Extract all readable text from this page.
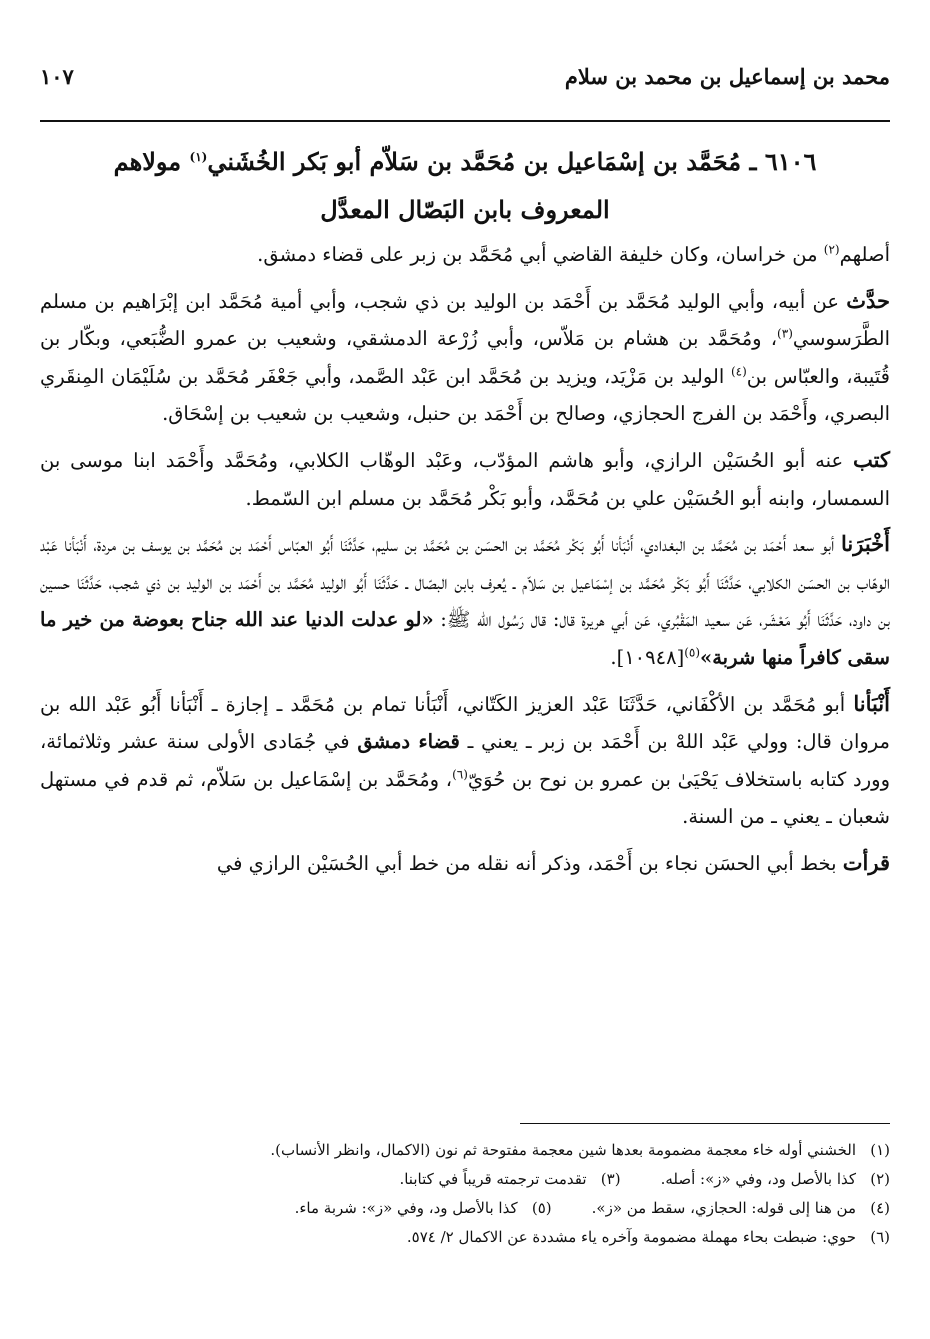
محمد بن إسماعيل بن محمد بن سلام
١٠٧
٦١٠٦ ـ مُحَمَّد بن إسْمَاعيل بن مُحَمَّد بن سَلاّم أبو بَكر الخُشَني$^{(١)}$ مولاهم
المعروف بابن البَصّال المعدَّل

أصلهم$^{(٢)}$ من خراسان، وكان خليفة القاضي أبي مُحَمَّد بن زبر على قضاء دمشق.

حدَّث عن أبيه، وأبي الوليد مُحَمَّد بن أَحْمَد بن الوليد بن ذي شجب، وأبي أمية مُحَمَّد ابن إبْرَاهيم بن مسلم الطَّرَسوسي$^{(٣)}$، ومُحَمَّد بن هشام بن مَلاّس، وأبي زُرْعة الدمشقي، وشعيب بن عمرو الضُّبَعي، وبكّار بن قُتَيبة، والعبّاس بن$^{(٤)}$ الوليد بن مَزْيَد، ويزيد بن مُحَمَّد ابن عَبْد الصَّمد، وأبي جَعْفَر مُحَمَّد بن سُلَيْمَان المِنقَري البصري، وأَحْمَد بن الفرج الحجازي، وصالح بن أَحْمَد بن حنبل، وشعيب بن شعيب بن إسْحَاق.

كتب عنه أبو الحُسَيْن الرازي، وأبو هاشم المؤدّب، وعَبْد الوهّاب الكلابي، ومُحَمَّد وأَحْمَد ابنا موسى بن السمسار، وابنه أبو الحُسَيْن علي بن مُحَمَّد، وأبو بَكْر مُحَمَّد بن مسلم ابن السّمط.

أَخْبَرَنا أبو سعد أَحْمَد بن مُحَمَّد بن البغدادي، أَنْبَأنا أَبُو بَكْر مُحَمَّد بن الحسَن بن مُحَمَّد بن سليم، حَدَّثَنَا أَبُو العبّاس أَحْمَد بن مُحَمَّد بن يوسف بن مردة، أَنْبَأنا عَبْد الوهّاب بن الحسَن الكلابي، حَدَّثَنَا أَبُو بَكْر مُحَمَّد بن إسْمَاعيل بن سَلاّم ـ يُعرف بابن البصّال ـ حَدَّثَنَا أَبُو الوليد مُحَمَّد بن أَحْمَد بن الوليد بن ذي شجب، حَدَّثَنَا حسين بن داود، حَدَّثَنَا أَبُو مَعْشَر، عَن سعيد المَقْبُري، عَن أبي هريرة قال: قال رَسُول الله ﷺ: «لو عدلت الدنيا عند الله جناح بعوضة من خير ما سقى كافراً منها شربة»$^{(٥)}$[١٠٩٤٨].

أَنْبَأنا أبو مُحَمَّد بن الأكْفَاني، حَدَّثَنَا عَبْد العزيز الكَتّاني، أَنْبَأنا تمام بن مُحَمَّد ـ إجازة ـ أَنْبَأنا أَبُو عَبْد الله بن مروان قال: وولي عَبْد اللهْ بن أَحْمَد بن زبر ـ يعني ـ قضاء دمشق في جُمَادى الأولى سنة عشر وثلاثمائة، وورد كتابه باستخلاف يَحْيَىٰ بن عمرو بن نوح بن حُوَيّ$^{(٦)}$، ومُحَمَّد بن إسْمَاعيل بن سَلاّم، ثم قدم في مستهل شعبان ـ يعني ـ من السنة.

قرأت بخط أبي الحسَن نجاء بن أَحْمَد، وذكر أنه نقله من خط أبي الحُسَيْن الرازي في

(١)الخشني أوله خاء معجمة مضمومة بعدها شين معجمة مفتوحة ثم نون (الاكمال، وانظر الأنساب).
(٢)كذا بالأصل ود، وفي «ز»: أصله.(٣)تقدمت ترجمته قريباً في كتابنا.
(٤)من هنا إلى قوله: الحجازي، سقط من «ز».(٥)كذا بالأصل ود، وفي «ز»: شربة ماء.
(٦)حوي: ضبطت بحاء مهملة مضمومة وآخره ياء مشددة عن الاكمال ٢/ ٥٧٤.
